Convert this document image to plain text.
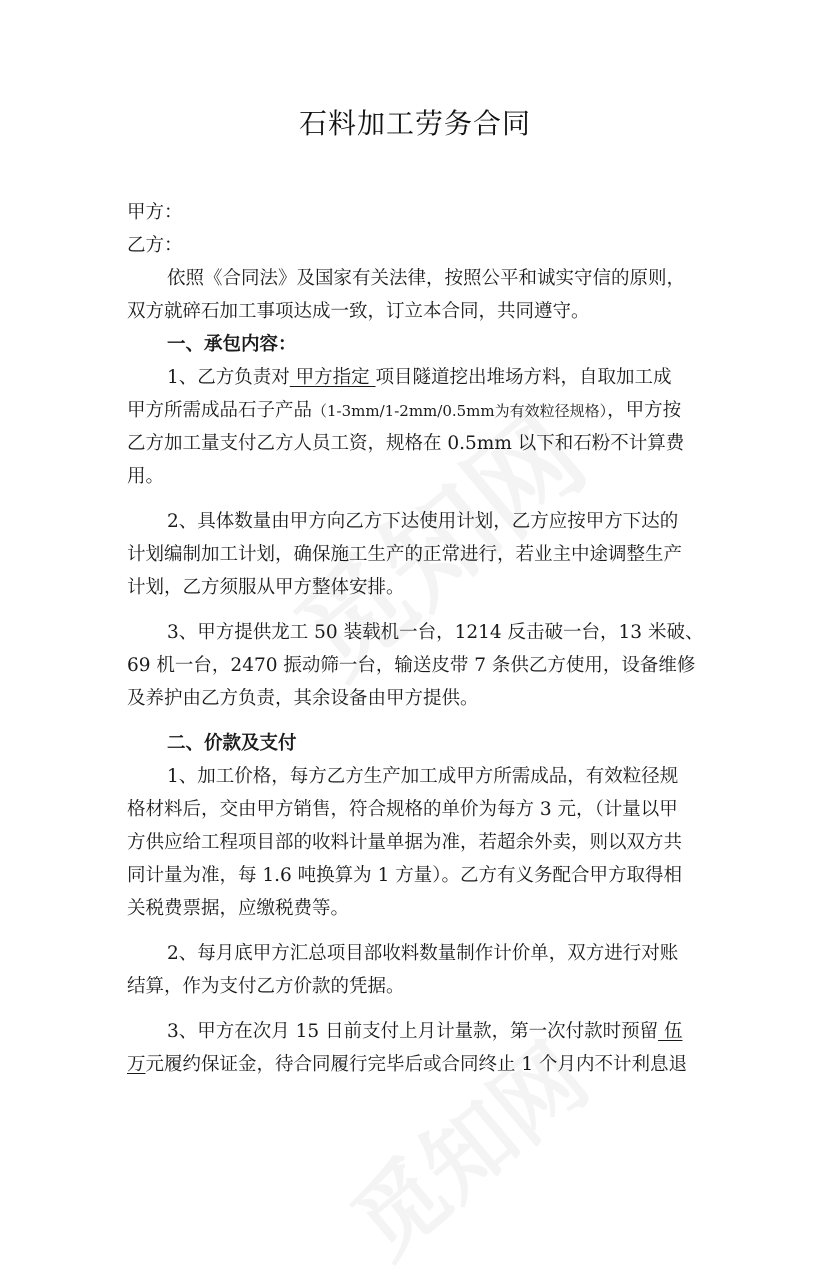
石料加工劳务合同
甲方：
乙方：
依照《合同法》及国家有关法律，按照公平和诚实守信的原则，
双方就碎石加工事项达成一致，订立本合同，共同遵守。
一、承包内容：
1、乙方负责对 甲方指定 项目隧道挖出堆场方料，自取加工成
甲方所需成品石子产品（1-3mm/1-2mm/0.5mm为有效粒径规格），甲方按
乙方加工量支付乙方人员工资，规格在 0.5mm 以下和石粉不计算费
用。
2、具体数量由甲方向乙方下达使用计划，乙方应按甲方下达的
计划编制加工计划，确保施工生产的正常进行，若业主中途调整生产
计划，乙方须服从甲方整体安排。
3、甲方提供龙工 50 装载机一台，1214 反击破一台，13 米破、
69 机一台，2470 振动筛一台，输送皮带 7 条供乙方使用，设备维修
及养护由乙方负责，其余设备由甲方提供。
二、价款及支付
1、加工价格，每方乙方生产加工成甲方所需成品，有效粒径规
格材料后，交由甲方销售，符合规格的单价为每方 3 元，（计量以甲
方供应给工程项目部的收料计量单据为准，若超余外卖，则以双方共
同计量为准，每 1.6 吨换算为 1 方量）。乙方有义务配合甲方取得相
关税费票据，应缴税费等。
2、每月底甲方汇总项目部收料数量制作计价单，双方进行对账
结算，作为支付乙方价款的凭据。
3、甲方在次月 15 日前支付上月计量款，第一次付款时预留 伍
万元履约保证金，待合同履行完毕后或合同终止 1 个月内不计利息退
